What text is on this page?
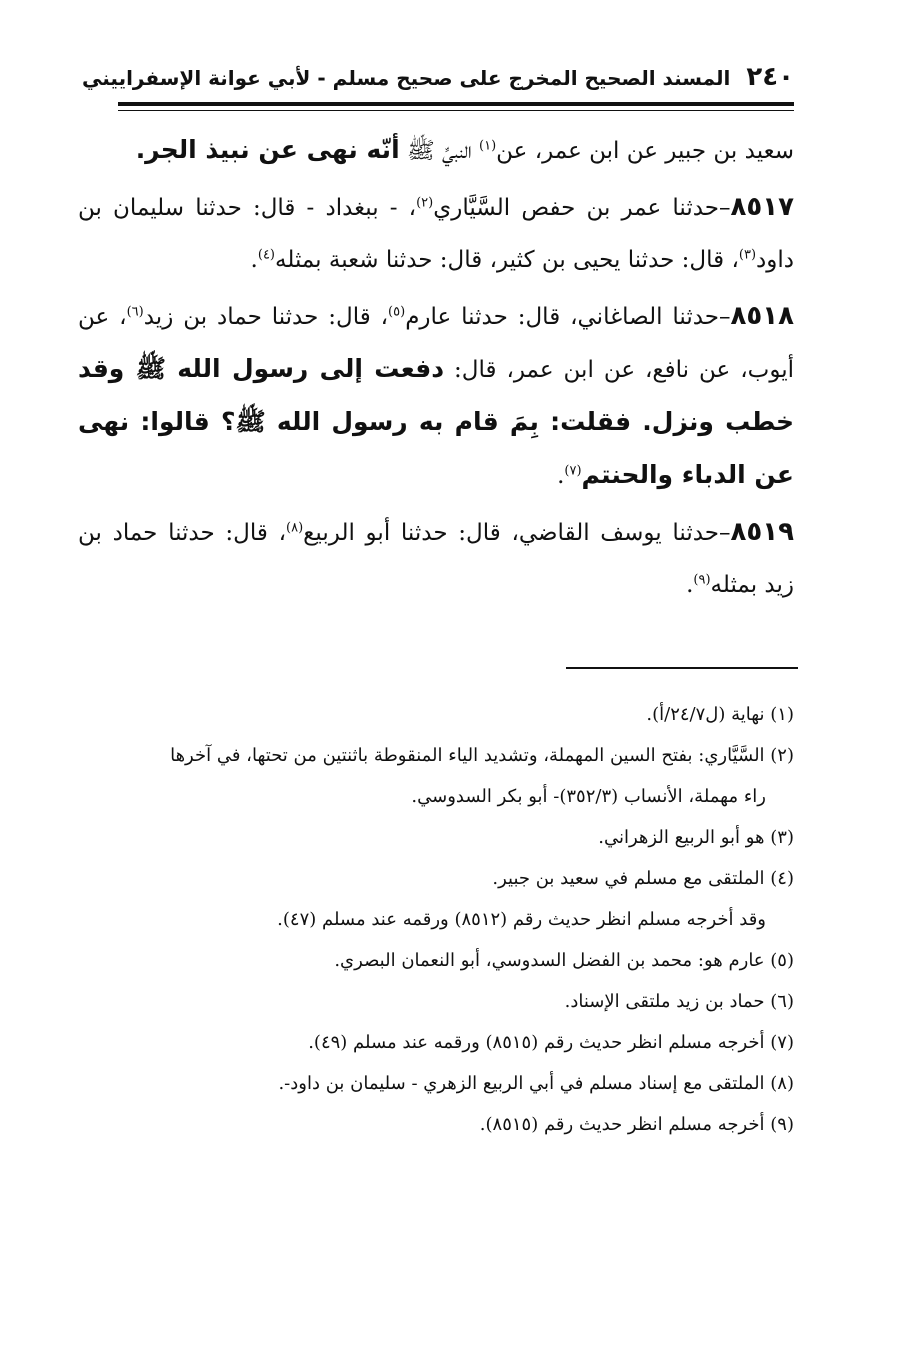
٢٤٠
المسند الصحيح المخرج على صحيح مسلم - لأبي عوانة الإسفراييني

سعيد بن جبير عن ابن عمر، عن$^{(١)}$ النبيِّ ﷺ أنّه نهى عن نبيذ الجر.

٨٥١٧–حدثنا عمر بن حفص السَّيَّاري$^{(٢)}$، - ببغداد - قال: حدثنا سليمان بن داود$^{(٣)}$، قال: حدثنا يحيى بن كثير، قال: حدثنا شعبة بمثله$^{(٤)}$.

٨٥١٨–حدثنا الصاغاني، قال: حدثنا عارم$^{(٥)}$، قال: حدثنا حماد بن زيد$^{(٦)}$، عن أيوب، عن نافع، عن ابن عمر، قال: دفعت إلى رسول الله ﷺ وقد خطب ونزل. فقلت: بِمَ قام به رسول الله ﷺ؟ قالوا: نهى عن الدباء والحنتم$^{(٧)}$.

٨٥١٩–حدثنا يوسف القاضي، قال: حدثنا أبو الربيع$^{(٨)}$، قال: حدثنا حماد بن زيد بمثله$^{(٩)}$.

(١) نهاية (ل٢٤/٧/أ).

(٢) السَّيَّاري: بفتح السين المهملة، وتشديد الياء المنقوطة باثنتين من تحتها، في آخرها

راء مهملة، الأنساب (٣٥٢/٣)- أبو بكر السدوسي.

(٣) هو أبو الربيع الزهراني.

(٤) الملتقى مع مسلم في سعيد بن جبير.

وقد أخرجه مسلم انظر حديث رقم (٨٥١٢) ورقمه عند مسلم (٤٧).

(٥) عارم هو: محمد بن الفضل السدوسي، أبو النعمان البصري.

(٦) حماد بن زيد ملتقى الإسناد.

(٧) أخرجه مسلم انظر حديث رقم (٨٥١٥) ورقمه عند مسلم (٤٩).

(٨) الملتقى مع إسناد مسلم في أبي الربيع الزهري - سليمان بن داود-.

(٩) أخرجه مسلم انظر حديث رقم (٨٥١٥).
